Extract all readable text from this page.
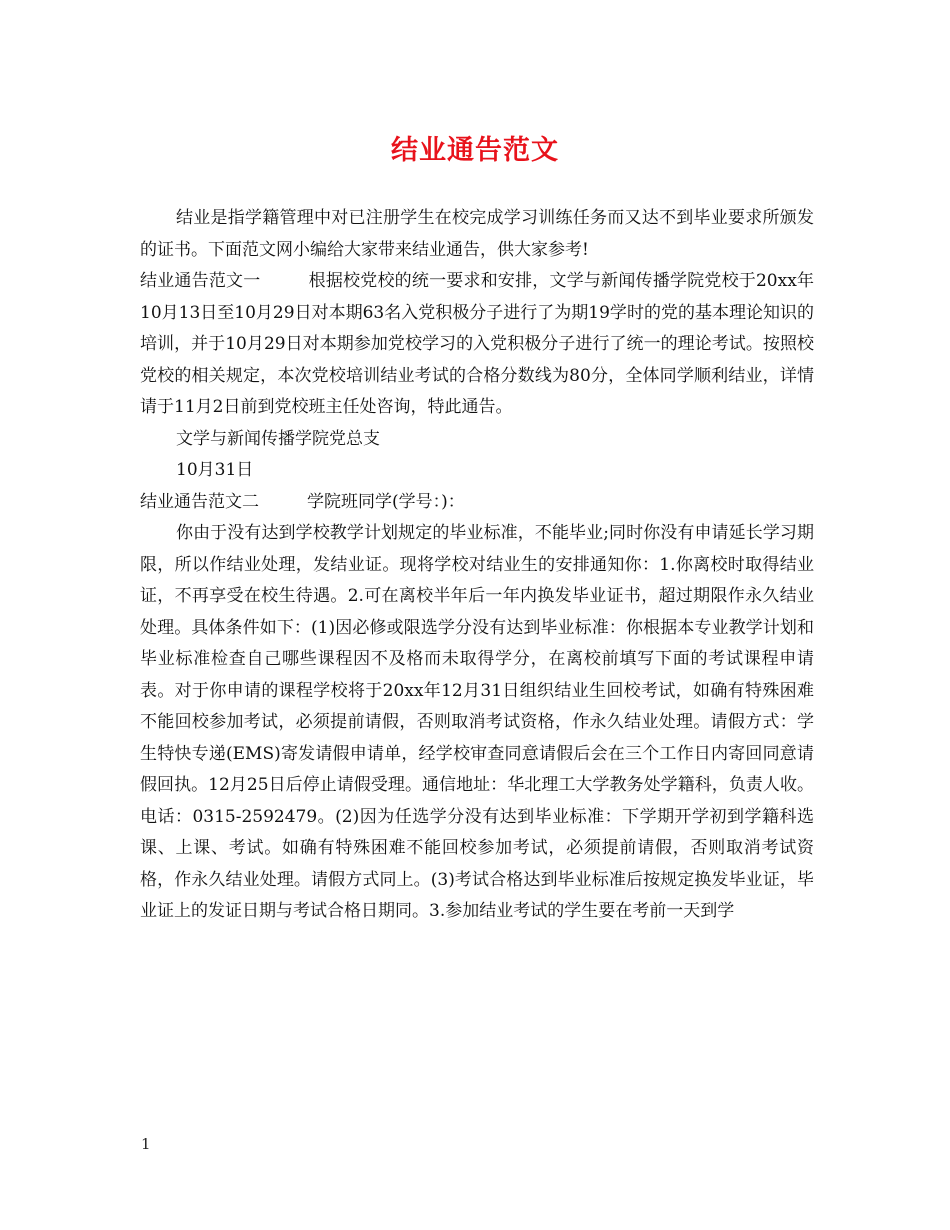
结业通告范文

结业是指学籍管理中对已注册学生在校完成学习训练任务而又达不到毕业要求所颁发的证书。下面范文网小编给大家带来结业通告，供大家参考!

结业通告范文一	根据校党校的统一要求和安排，文学与新闻传播学院党校于20xx年10月13日至10月29日对本期63名入党积极分子进行了为期19学时的党的基本理论知识的培训，并于10月29日对本期参加党校学习的入党积极分子进行了统一的理论考试。按照校党校的相关规定，本次党校培训结业考试的合格分数线为80分，全体同学顺利结业，详情请于11月2日前到党校班主任处咨询，特此通告。

文学与新闻传播学院党总支

10月31日

结业通告范文二	学院班同学(学号：)：

你由于没有达到学校教学计划规定的毕业标准，不能毕业;同时你没有申请延长学习期限，所以作结业处理，发结业证。现将学校对结业生的安排通知你：1.你离校时取得结业证，不再享受在校生待遇。2.可在离校半年后一年内换发毕业证书，超过期限作永久结业处理。具体条件如下：(1)因必修或限选学分没有达到毕业标准：你根据本专业教学计划和毕业标准检查自己哪些课程因不及格而未取得学分，在离校前填写下面的考试课程申请表。对于你申请的课程学校将于20xx年12月31日组织结业生回校考试，如确有特殊困难不能回校参加考试，必须提前请假，否则取消考试资格，作永久结业处理。请假方式：学生特快专递(EMS)寄发请假申请单，经学校审查同意请假后会在三个工作日内寄回同意请假回执。12月25日后停止请假受理。通信地址：华北理工大学教务处学籍科，负责人收。电话：0315-2592479。(2)因为任选学分没有达到毕业标准：下学期开学初到学籍科选课、上课、考试。如确有特殊困难不能回校参加考试，必须提前请假，否则取消考试资格，作永久结业处理。请假方式同上。(3)考试合格达到毕业标准后按规定换发毕业证，毕业证上的发证日期与考试合格日期同。3.参加结业考试的学生要在考前一天到学

1
